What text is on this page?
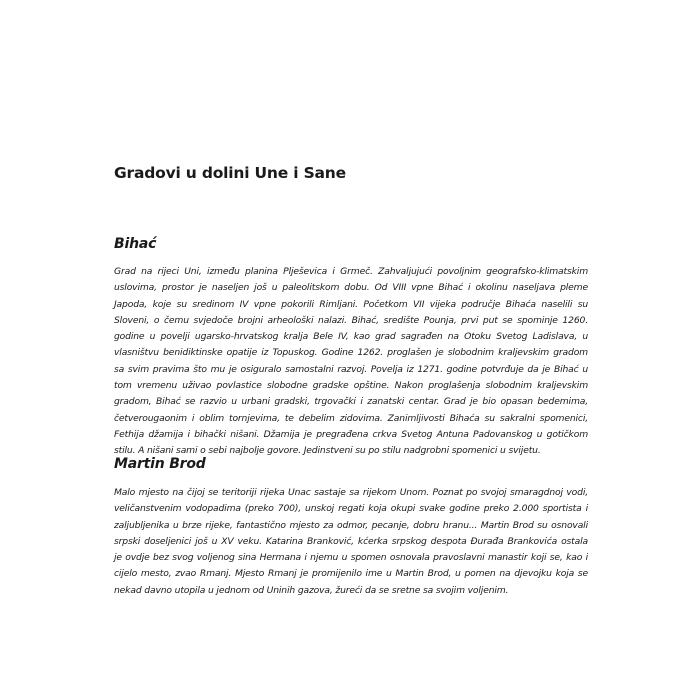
Gradovi u dolini Une i Sane
Bihać
Grad na rijeci Uni, između planina Plješevica i Grmeč. Zahvaljujući povoljnim geografsko-klimatskim
uslovima, prostor je naseljen još u paleolitskom dobu. Od VIII vpne Bihać i okolinu naseljava pleme
Japoda, koje su sredinom IV vpne pokorili Rimljani. Početkom VII vijeka područje Bihaća naselili su
Sloveni, o čemu svjedoče brojni arheološki nalazi. Bihać, središte Pounja, prvi put se spominje 1260.
godine u povelji ugarsko-hrvatskog kralja Bele IV, kao grad sagrađen na Otoku Svetog Ladislava, u
vlasništvu benidiktinske opatije iz Topuskog. Godine 1262. proglašen je slobodnim kraljevskim gradom
sa svim pravima što mu je osiguralo samostalni razvoj. Povelja iz 1271. godine potvrđuje da je Bihać u
tom vremenu uživao povlastice slobodne gradske opštine. Nakon proglašenja slobodnim kraljevskim
gradom, Bihać se razvio u urbani gradski, trgovački i zanatski centar. Grad je bio opasan bedemima,
četverougaonim i oblim tornjevima, te debelim zidovima. Zanimljivosti Bihaća su sakralni spomenici,
Fethija džamija i bihački nišani. Džamija je pregrađena crkva Svetog Antuna Padovanskog u gotičkom
stilu. A nišani sami o sebi najbolje govore. Jedinstveni su po stilu nadgrobni spomenici u svijetu.
Martin Brod
Malo mjesto na čijoj se teritoriji rijeka Unac sastaje sa rijekom Unom. Poznat po svojoj smaragdnoj vodi,
veličanstvenim vodopadima (preko 700), unskoj regati koja okupi svake godine preko 2.000 sportista i
zaljubljenika u brze rijeke, fantastično mjesto za odmor, pecanje, dobru hranu... Martin Brod su osnovali
srpski doseljenici još u XV veku. Katarina Branković, kćerka srpskog despota Đurađa Brankovića ostala
je ovdje bez svog voljenog sina Hermana i njemu u spomen osnovala pravoslavni manastir koji se, kao i
cijelo mesto, zvao Rmanj. Mjesto Rmanj je promijenilo ime u Martin Brod, u pomen na djevojku koja se
nekad davno utopila u jednom od Uninih gazova, žureći da se sretne sa svojim voljenim.
